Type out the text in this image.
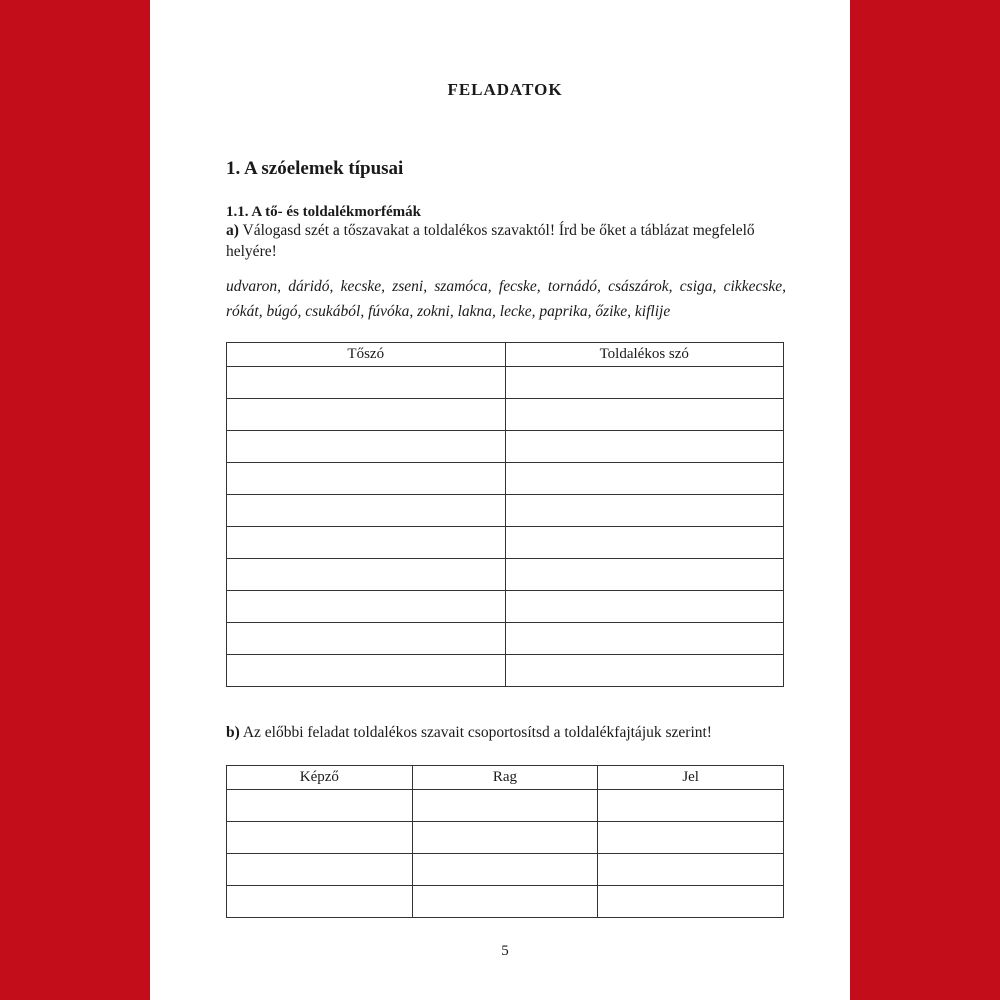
FELADATOK
1. A szóelemek típusai
1.1. A tő- és toldalékmorfémák
a) Válogasd szét a tőszavakat a toldalékos szavaktól! Írd be őket a táblázat megfelelő helyére!
udvaron, dáridó, kecske, zseni, szamóca, fecske, tornádó, császárok, csiga, cikkecske, rókát, búgó, csukából, fúvóka, zokni, lakna, lecke, paprika, őzike, kiflije
Tőszó	Toldalékos szó

b) Az előbbi feladat toldalékos szavait csoportosítsd a toldalékfajtájuk szerint!
Képző	Rag	Jel

5
